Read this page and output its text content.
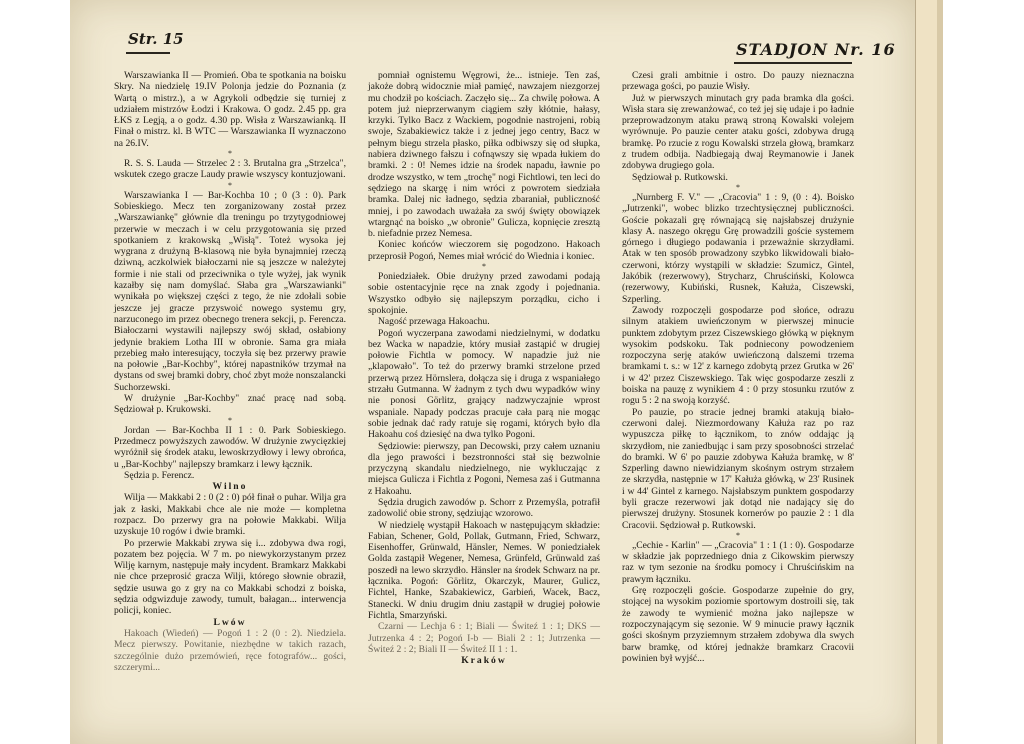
Str. 15
STADJON Nr. 16

Warszawianka II — Promień. Oba te spotkania na boisku Skry. Na niedzielę 19.IV Polonja jedzie do Poznania (z Wartą o mistrz.), a w Agrykoli odbędzie się turniej z udziałem mistrzów Łodzi i Krakowa. O godz. 2.45 pp. gra ŁKS z Legją, a o godz. 4.30 pp. Wisła z Warszawianką. II Finał o mistrz. kl. B WTC — Warszawianka II wyznaczono na 26.IV.

*

R. S. S. Lauda — Strzelec 2 : 3. Brutalna gra „Strzelca", wskutek czego gracze Laudy prawie wszyscy kontuzjowani.

*

Warszawianka I — Bar-Kochba 10 ; 0 (3 : 0). Park Sobieskiego. Mecz ten zorganizowany został przez „Warszawiankę" głównie dla treningu po trzytygodniowej przerwie w meczach i w celu przygotowania się przed spotkaniem z krakowską „Wisłą". Toteż wysoka jej wygrana z drużyną B-klasową nie była bynajmniej rzeczą dziwną, aczkolwiek białoczarni nie są jeszcze w należytej formie i nie stali od przeciwnika o tyle wyżej, jak wynik kazałby się nam domyślać. Słaba gra „Warszawianki" wynikała po większej części z tego, że nie zdołali sobie jeszcze jej gracze przyswoić nowego systemu gry, narzuconego im przez obecnego trenera sekcji, p. Ferencza. Białoczarni wystawili najlepszy swój skład, osłabiony jedynie brakiem Lotha III w obronie. Sama gra miała przebieg mało interesujący, toczyła się bez przerwy prawie na połowie „Bar-Kochby", której napastników trzymał na dystans od swej bramki dobry, choć zbyt może nonszalancki Suchorzewski.

W drużynie „Bar-Kochby" znać pracę nad sobą. Sędziował p. Krukowski.

*

Jordan — Bar-Kochba II 1 : 0. Park Sobieskiego. Przedmecz powyższych zawodów. W drużynie zwycięzkiej wyróżnił się środek ataku, lewoskrzydłowy i lewy obrońca, u „Bar-Kochby" najlepszy bramkarz i lewy łącznik.

Sędzia p. Ferencz.

Wilno

Wilja — Makkabi 2 : 0 (2 : 0) pół finał o puhar. Wilja gra jak z łaski, Makkabi chce ale nie może — kompletna rozpacz. Do przerwy gra na połowie Makkabi. Wilja uzyskuje 10 rogów i dwie bramki.

Po przerwie Makkabi zrywa się i... zdobywa dwa rogi, pozatem bez pojęcia. W 7 m. po niewykorzystanym przez Wilję karnym, następuje mały incydent. Bramkarz Makkabi nie chce przeprosić gracza Wilji, którego słownie obraził, sędzie usuwa go z gry na co Makkabi schodzi z boiska, sędzia odgwizduje zawody, tumult, bałagan... interwencja policji, koniec.

Lwów

Hakoach (Wiedeń) — Pogoń 1 : 2 (0 : 2). Niedziela. Mecz pierwszy. Powitanie, niezbędne w takich razach, szczególnie dużo przemówień, ręce fotografów... gości, szczerymi...

pomniał ognistemu Węgrowi, że... istnieje. Ten zaś, jakoże dobrą widocznie miał pamięć, nawzajem niezgorzej mu chodził po kościach. Zaczęło się... Za chwilę połowa. A potem już nieprzerwanym ciągiem szły kłótnie, hałasy, krzyki. Tylko Bacz z Wackiem, pogodnie nastrojeni, robią swoje, Szabakiewicz także i z jednej jego centry, Bacz w pełnym biegu strzela płasko, piłka odbiwszy się od słupka, nabiera dziwnego fałszu i cofnąwszy się wpada łukiem do bramki. 2 : 0! Nemes idzie na środek napadu, ławnie po drodze wszystko, w tem „trochę" nogi Fichtlowi, ten leci do sędziego na skargę i nim wróci z powrotem siedziała bramka. Dalej nic ładnego, sędzia zbaraniał, publiczność mniej, i po zawodach uważała za swój święty obowiązek wtargnąć na boisko „w obronie" Gulicza, kopnięcie zresztą b. niefadnie przez Nemesa.

Koniec końców wieczorem się pogodzono. Hakoach przeprosił Pogoń, Nemes miał wrócić do Wiednia i koniec.

*

Poniedziałek. Obie drużyny przed zawodami podają sobie ostentacyjnie ręce na znak zgody i pojednania. Wszystko odbyło się najlepszym porządku, cicho i spokojnie.

Nagość przewaga Hakoachu.

Pogoń wyczerpana zawodami niedzielnymi, w dodatku bez Wacka w napadzie, który musiał zastąpić w drugiej połowie Fichtla w pomocy. W napadzie już nie „klapowało". To też do przerwy bramki strzelone przed przerwą przez Hörnslera, dołącza się i druga z wspaniałego strzału Gutmanna. W żadnym z tych dwu wypadków winy nie ponosi Görlitz, grający nadzwyczajnie wprost wspaniale. Napady podczas pracuje cała parą nie mogąc sobie jednak dać rady ratuje się rogami, których było dla Hakoahu coś dziesięć na dwa tylko Pogoni.

Sędziowie: pierwszy, pan Decowski, przy całem uznaniu dla jego prawości i bezstronności stał się bezwolnie przyczyną skandalu niedzielnego, nie wykluczając z miejsca Gulicza i Fichtla z Pogoni, Nemesa zaś i Gutmanna z Hakoahu.

Sędzia drugich zawodów p. Schorr z Przemyśla, potrafił zadowolić obie strony, sędziując wzorowo.

W niedzielę wystąpił Hakoach w następującym składzie: Fabian, Schener, Gold, Pollak, Gutmann, Fried, Schwarz, Eisenhoffer, Grünwald, Hänsler, Nemes. W poniedziałek Golda zastąpił Wegener, Nemesa, Grünfeld, Grünwald zaś poszedł na lewo skrzydło. Hänsler na środek Schwarz na pr. łącznika. Pogoń: Görlitz, Okarczyk, Maurer, Gulicz, Fichtel, Hanke, Szabakiewicz, Garbień, Wacek, Bacz, Stanecki. W dniu drugim dniu zastąpił w drugiej połowie Fichtla, Smarzyński.

Czarni — Lechja 6 : 1; Biali — Świteź 1 : 1; DKS — Jutrzenka 4 : 2; Pogoń I-b — Biali 2 : 1; Jutrzenka — Świteź 2 : 2; Biali II — Świteź II 1 : 1.

Kraków

Czesi grali ambitnie i ostro. Do pauzy nieznaczna przewaga gości, po pauzie Wisły.

Już w pierwszych minutach gry pada bramka dla gości. Wisła stara się zrewanżować, co też jej się udaje i po ładnie przeprowadzonym ataku prawą stroną Kowalski volejem wyrównuje. Po pauzie center ataku gości, zdobywa drugą bramkę. Po rzucie z rogu Kowalski strzela głową, bramkarz z trudem odbija. Nadbiegają dwaj Reymanowie i Janek zdobywa drugiego gola.

Sędziował p. Rutkowski.

*

„Nurnberg F. V." — „Cracovia" 1 : 9, (0 : 4). Boisko „Jutrzenki", wobec blizko trzechtysięcznej publiczności. Goście pokazali grę równającą się najsłabszej drużynie klasy A. naszego okręgu Grę prowadzili goście systemem górnego i długiego podawania i przeważnie skrzydłami. Atak w ten sposób prowadzony szybko likwidowali biało-czerwoni, którzy wystąpili w składzie: Szumicz, Gintel, Jakóbik (rezerwowy), Strycharz, Chruściński, Kolowca (rezerwowy, Kubiński, Rusnek, Kałuża, Ciszewski, Szperling.

Zawody rozpoczęli gospodarze pod słońce, odrazu silnym atakiem uwieńczonym w pierwszej minucie punktem zdobytym przez Ciszewskiego główką w pięknym wysokim podskoku. Tak podniecony powodzeniem rozpoczyna serję ataków uwieńczoną dalszemi trzema bramkami t. s.: w 12' z karnego zdobytą przez Grutka w 26' i w 42' przez Ciszewskiego. Tak więc gospodarze zeszli z boiska na pauzę z wynikiem 4 : 0 przy stosunku rzutów z rogu 5 : 2 na swoją korzyść.

Po pauzie, po stracie jednej bramki atakują biało-czerwoni dalej. Niezmordowany Kałuża raz po raz wypuszcza piłkę to łącznikom, to znów oddając ją skrzydłom, nie zaniedbując i sam przy sposobności strzelać do bramki. W 6' po pauzie zdobywa Kałuża bramkę, w 8' Szperling dawno niewidzianym skośnym ostrym strzałem ze skrzydła, następnie w 17' Kałuża główką, w 23' Rusinek i w 44' Gintel z karnego. Najsłabszym punktem gospodarzy byli gracze rezerwowi jak dotąd nie nadający się do pierwszej drużyny. Stosunek kornerów po pauzie 2 : 1 dla Cracovii. Sędziował p. Rutkowski.

*

„Cechie - Karlin" — „Cracovia" 1 : 1 (1 : 0). Gospodarze w składzie jak poprzedniego dnia z Cikowskim pierwszy raz w tym sezonie na środku pomocy i Chruścińskim na prawym łączniku.

Grę rozpoczęli goście. Gospodarze zupełnie do gry, stojącej na wysokim poziomie sportowym dostroili się, tak że zawody te wymienić można jako najlepsze w rozpoczynającym się sezonie. W 9 minucie prawy łącznik gości skośnym przyziemnym strzałem zdobywa dla swych barw bramkę, od której jednakże bramkarz Cracovii powinien był wyjść...
